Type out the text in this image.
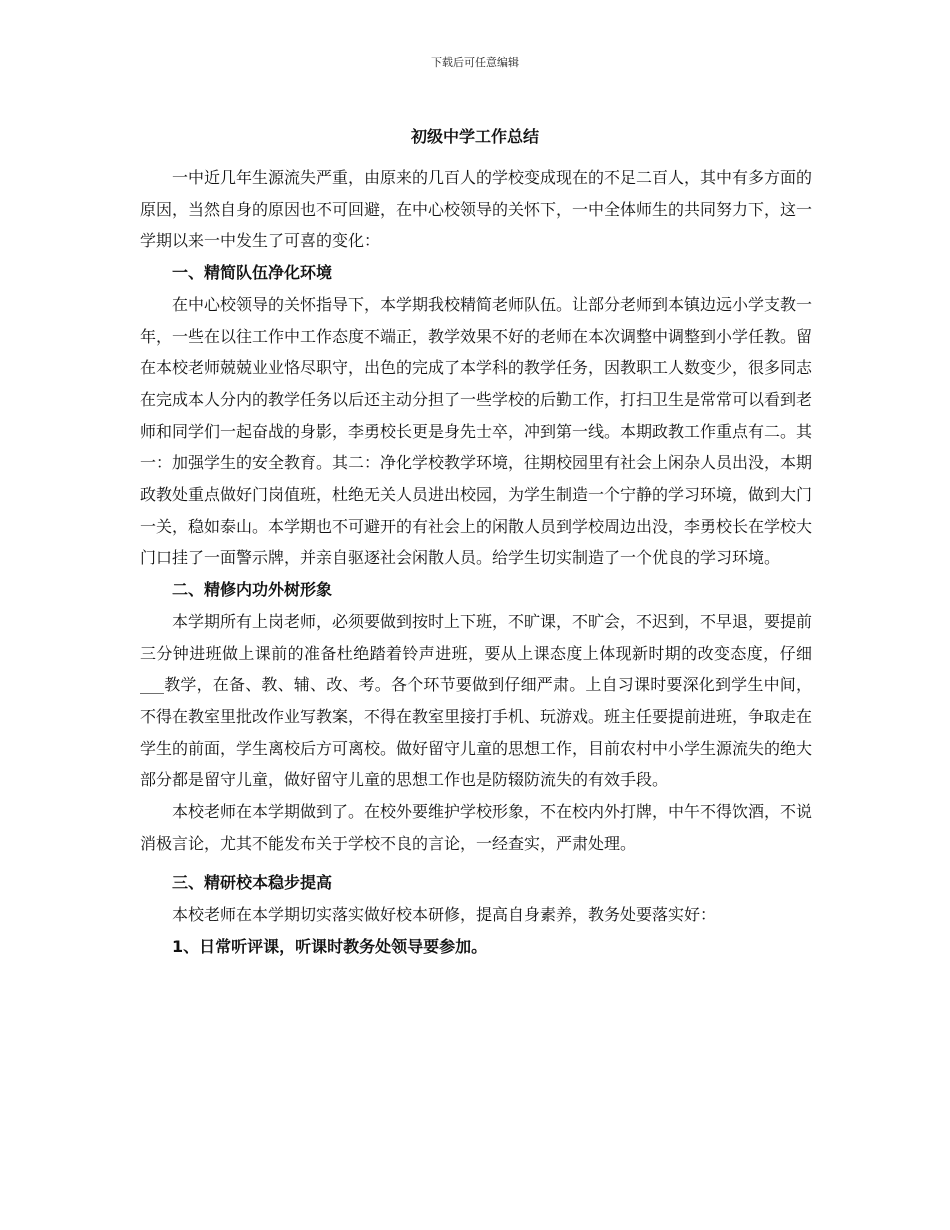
下载后可任意编辑
初级中学工作总结

一中近几年生源流失严重，由原来的几百人的学校变成现在的不足二百人，其中有多方面的原因，当然自身的原因也不可回避，在中心校领导的关怀下，一中全体师生的共同努力下，这一学期以来一中发生了可喜的变化：

一、精简队伍净化环境

在中心校领导的关怀指导下，本学期我校精简老师队伍。让部分老师到本镇边远小学支教一年，一些在以往工作中工作态度不端正，教学效果不好的老师在本次调整中调整到小学任教。留在本校老师兢兢业业恪尽职守，出色的完成了本学科的教学任务，因教职工人数变少，很多同志在完成本人分内的教学任务以后还主动分担了一些学校的后勤工作，打扫卫生是常常可以看到老师和同学们一起奋战的身影，李勇校长更是身先士卒，冲到第一线。本期政教工作重点有二。其一：加强学生的安全教育。其二：净化学校教学环境，往期校园里有社会上闲杂人员出没，本期政教处重点做好门岗值班，杜绝无关人员进出校园，为学生制造一个宁静的学习环境，做到大门一关，稳如泰山。本学期也不可避开的有社会上的闲散人员到学校周边出没，李勇校长在学校大门口挂了一面警示牌，并亲自驱逐社会闲散人员。给学生切实制造了一个优良的学习环境。

二、精修内功外树形象

本学期所有上岗老师，必须要做到按时上下班，不旷课，不旷会，不迟到，不早退，要提前三分钟进班做上课前的准备杜绝踏着铃声进班，要从上课态度上体现新时期的改变态度，仔细___教学，在备、教、辅、改、考。各个环节要做到仔细严肃。上自习课时要深化到学生中间，不得在教室里批改作业写教案，不得在教室里接打手机、玩游戏。班主任要提前进班，争取走在学生的前面，学生离校后方可离校。做好留守儿童的思想工作，目前农村中小学生源流失的绝大部分都是留守儿童，做好留守儿童的思想工作也是防辍防流失的有效手段。

本校老师在本学期做到了。在校外要维护学校形象，不在校内外打牌，中午不得饮酒，不说消极言论，尤其不能发布关于学校不良的言论，一经查实，严肃处理。

三、精研校本稳步提高

本校老师在本学期切实落实做好校本研修，提高自身素养，教务处要落实好：

1、日常听评课，听课时教务处领导要参加。
